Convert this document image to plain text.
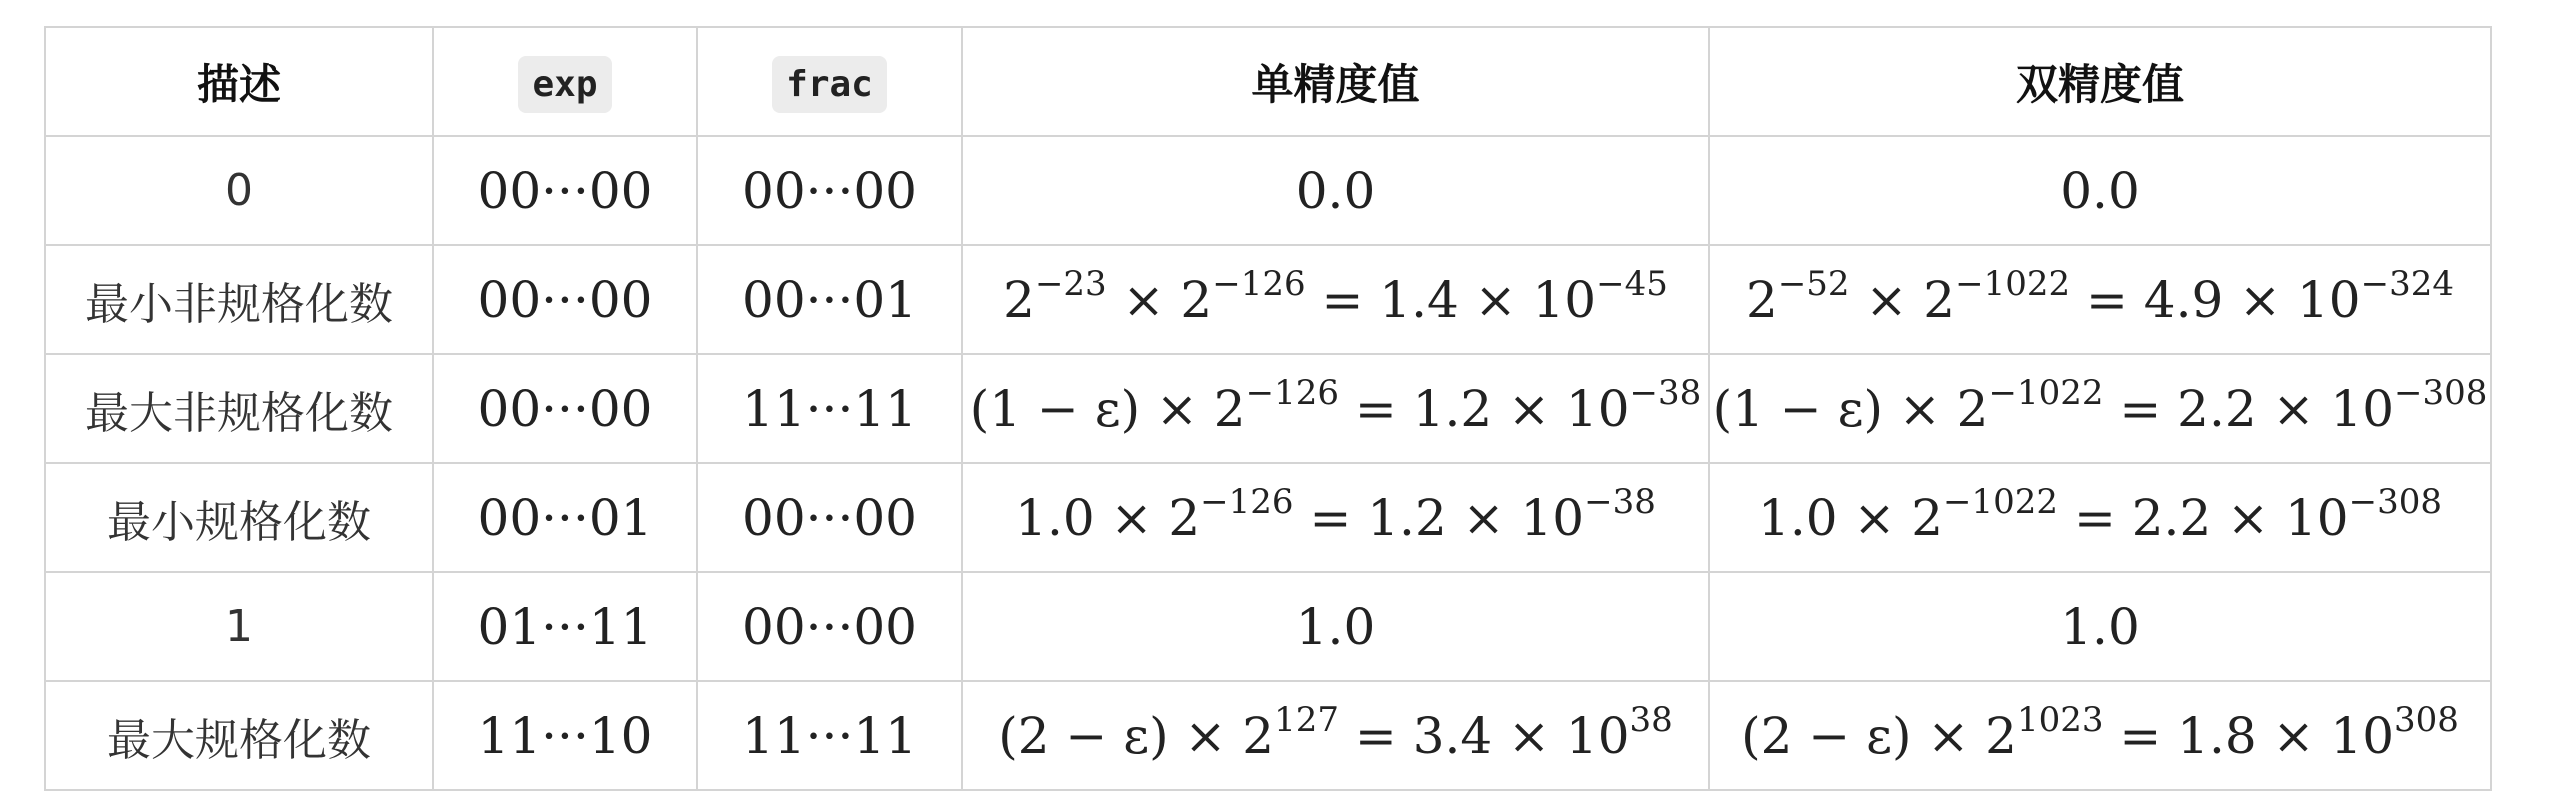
描述	exp	frac	单精度值	双精度值
0	00···00	00···00	0.0	0.0
最小非规格化数	00···00	00···01	$2^{-23} \times 2^{-126} = 1.4 \times 10^{-45}$	$2^{-52} \times 2^{-1022} = 4.9 \times 10^{-324}$
最大非规格化数	00···00	11···11	$(1 - \varepsilon) \times 2^{-126} = 1.2 \times 10^{-38}$	$(1 - \varepsilon) \times 2^{-1022} = 2.2 \times 10^{-308}$
最小规格化数	00···01	00···00	$1.0 \times 2^{-126} = 1.2 \times 10^{-38}$	$1.0 \times 2^{-1022} = 2.2 \times 10^{-308}$
1	01···11	00···00	1.0	1.0
最大规格化数	11···10	11···11	$(2 - \varepsilon) \times 2^{127} = 3.4 \times 10^{38}$	$(2 - \varepsilon) \times 2^{1023} = 1.8 \times 10^{308}$
